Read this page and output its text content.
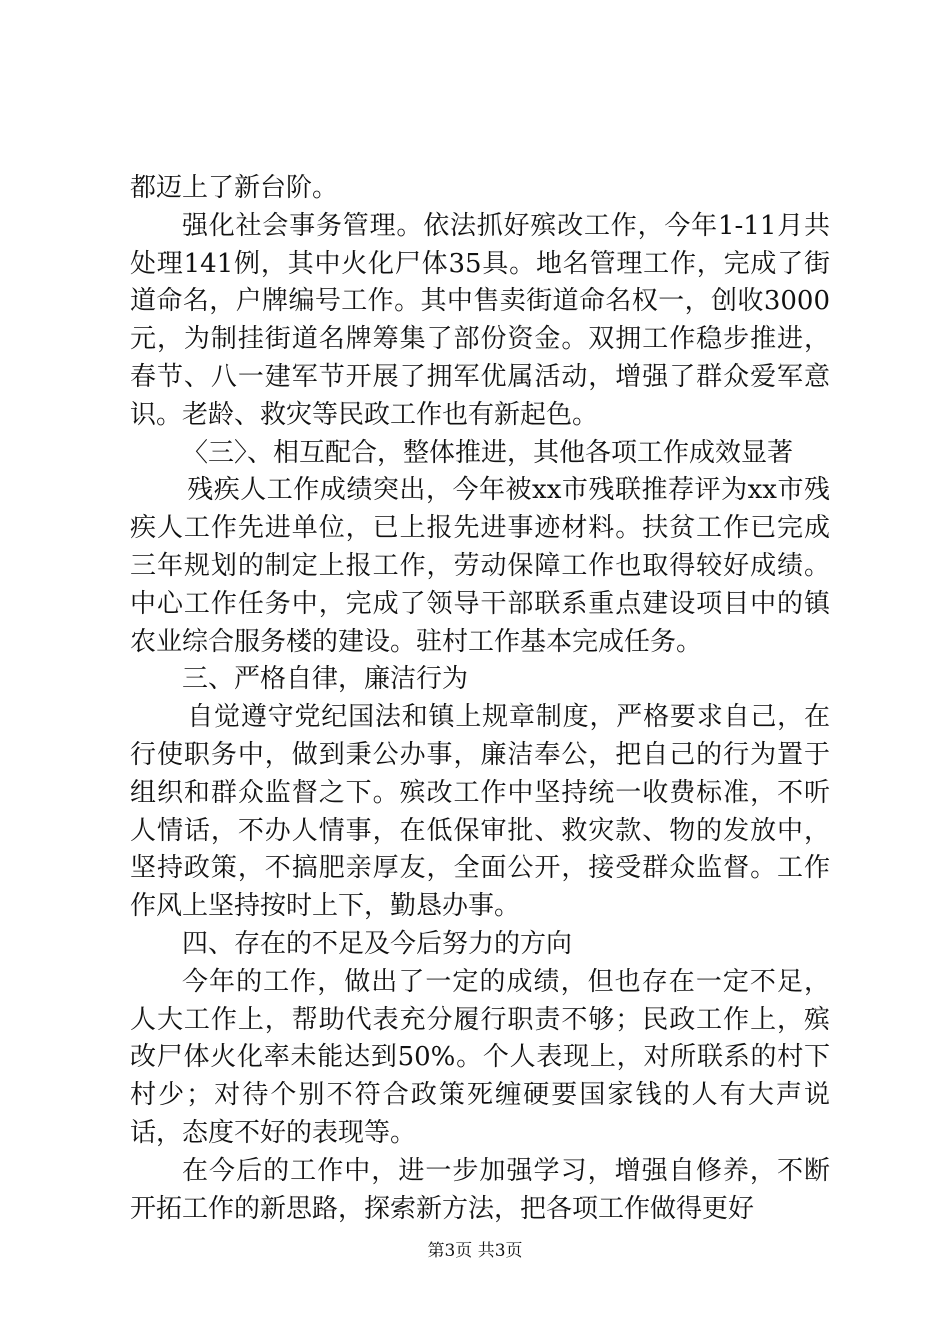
都迈上了新台阶。

强化社会事务管理。依法抓好殡改工作，今年1-11月共处理141例，其中火化尸体35具。地名管理工作，完成了街道命名，户牌编号工作。其中售卖街道命名权一，创收3000元，为制挂街道名牌筹集了部份资金。双拥工作稳步推进，春节、八一建军节开展了拥军优属活动，增强了群众爱军意识。老龄、救灾等民政工作也有新起色。

〈三〉、相互配合，整体推进，其他各项工作成效显著

残疾人工作成绩突出，今年被xx市残联推荐评为xx市残疾人工作先进单位，已上报先进事迹材料。扶贫工作已完成三年规划的制定上报工作，劳动保障工作也取得较好成绩。中心工作任务中，完成了领导干部联系重点建设项目中的镇农业综合服务楼的建设。驻村工作基本完成任务。

三、严格自律，廉洁行为

自觉遵守党纪国法和镇上规章制度，严格要求自己，在行使职务中，做到秉公办事，廉洁奉公，把自己的行为置于组织和群众监督之下。殡改工作中坚持统一收费标准，不听人情话，不办人情事，在低保审批、救灾款、物的发放中，坚持政策，不搞肥亲厚友，全面公开，接受群众监督。工作作风上坚持按时上下，勤恳办事。

四、存在的不足及今后努力的方向

今年的工作，做出了一定的成绩，但也存在一定不足，人大工作上，帮助代表充分履行职责不够；民政工作上，殡改尸体火化率未能达到50%。个人表现上，对所联系的村下村少；对待个别不符合政策死缠硬要国家钱的人有大声说话，态度不好的表现等。

在今后的工作中，进一步加强学习，增强自修养，不断开拓工作的新思路，探索新方法，把各项工作做得更好

第3页 共3页
